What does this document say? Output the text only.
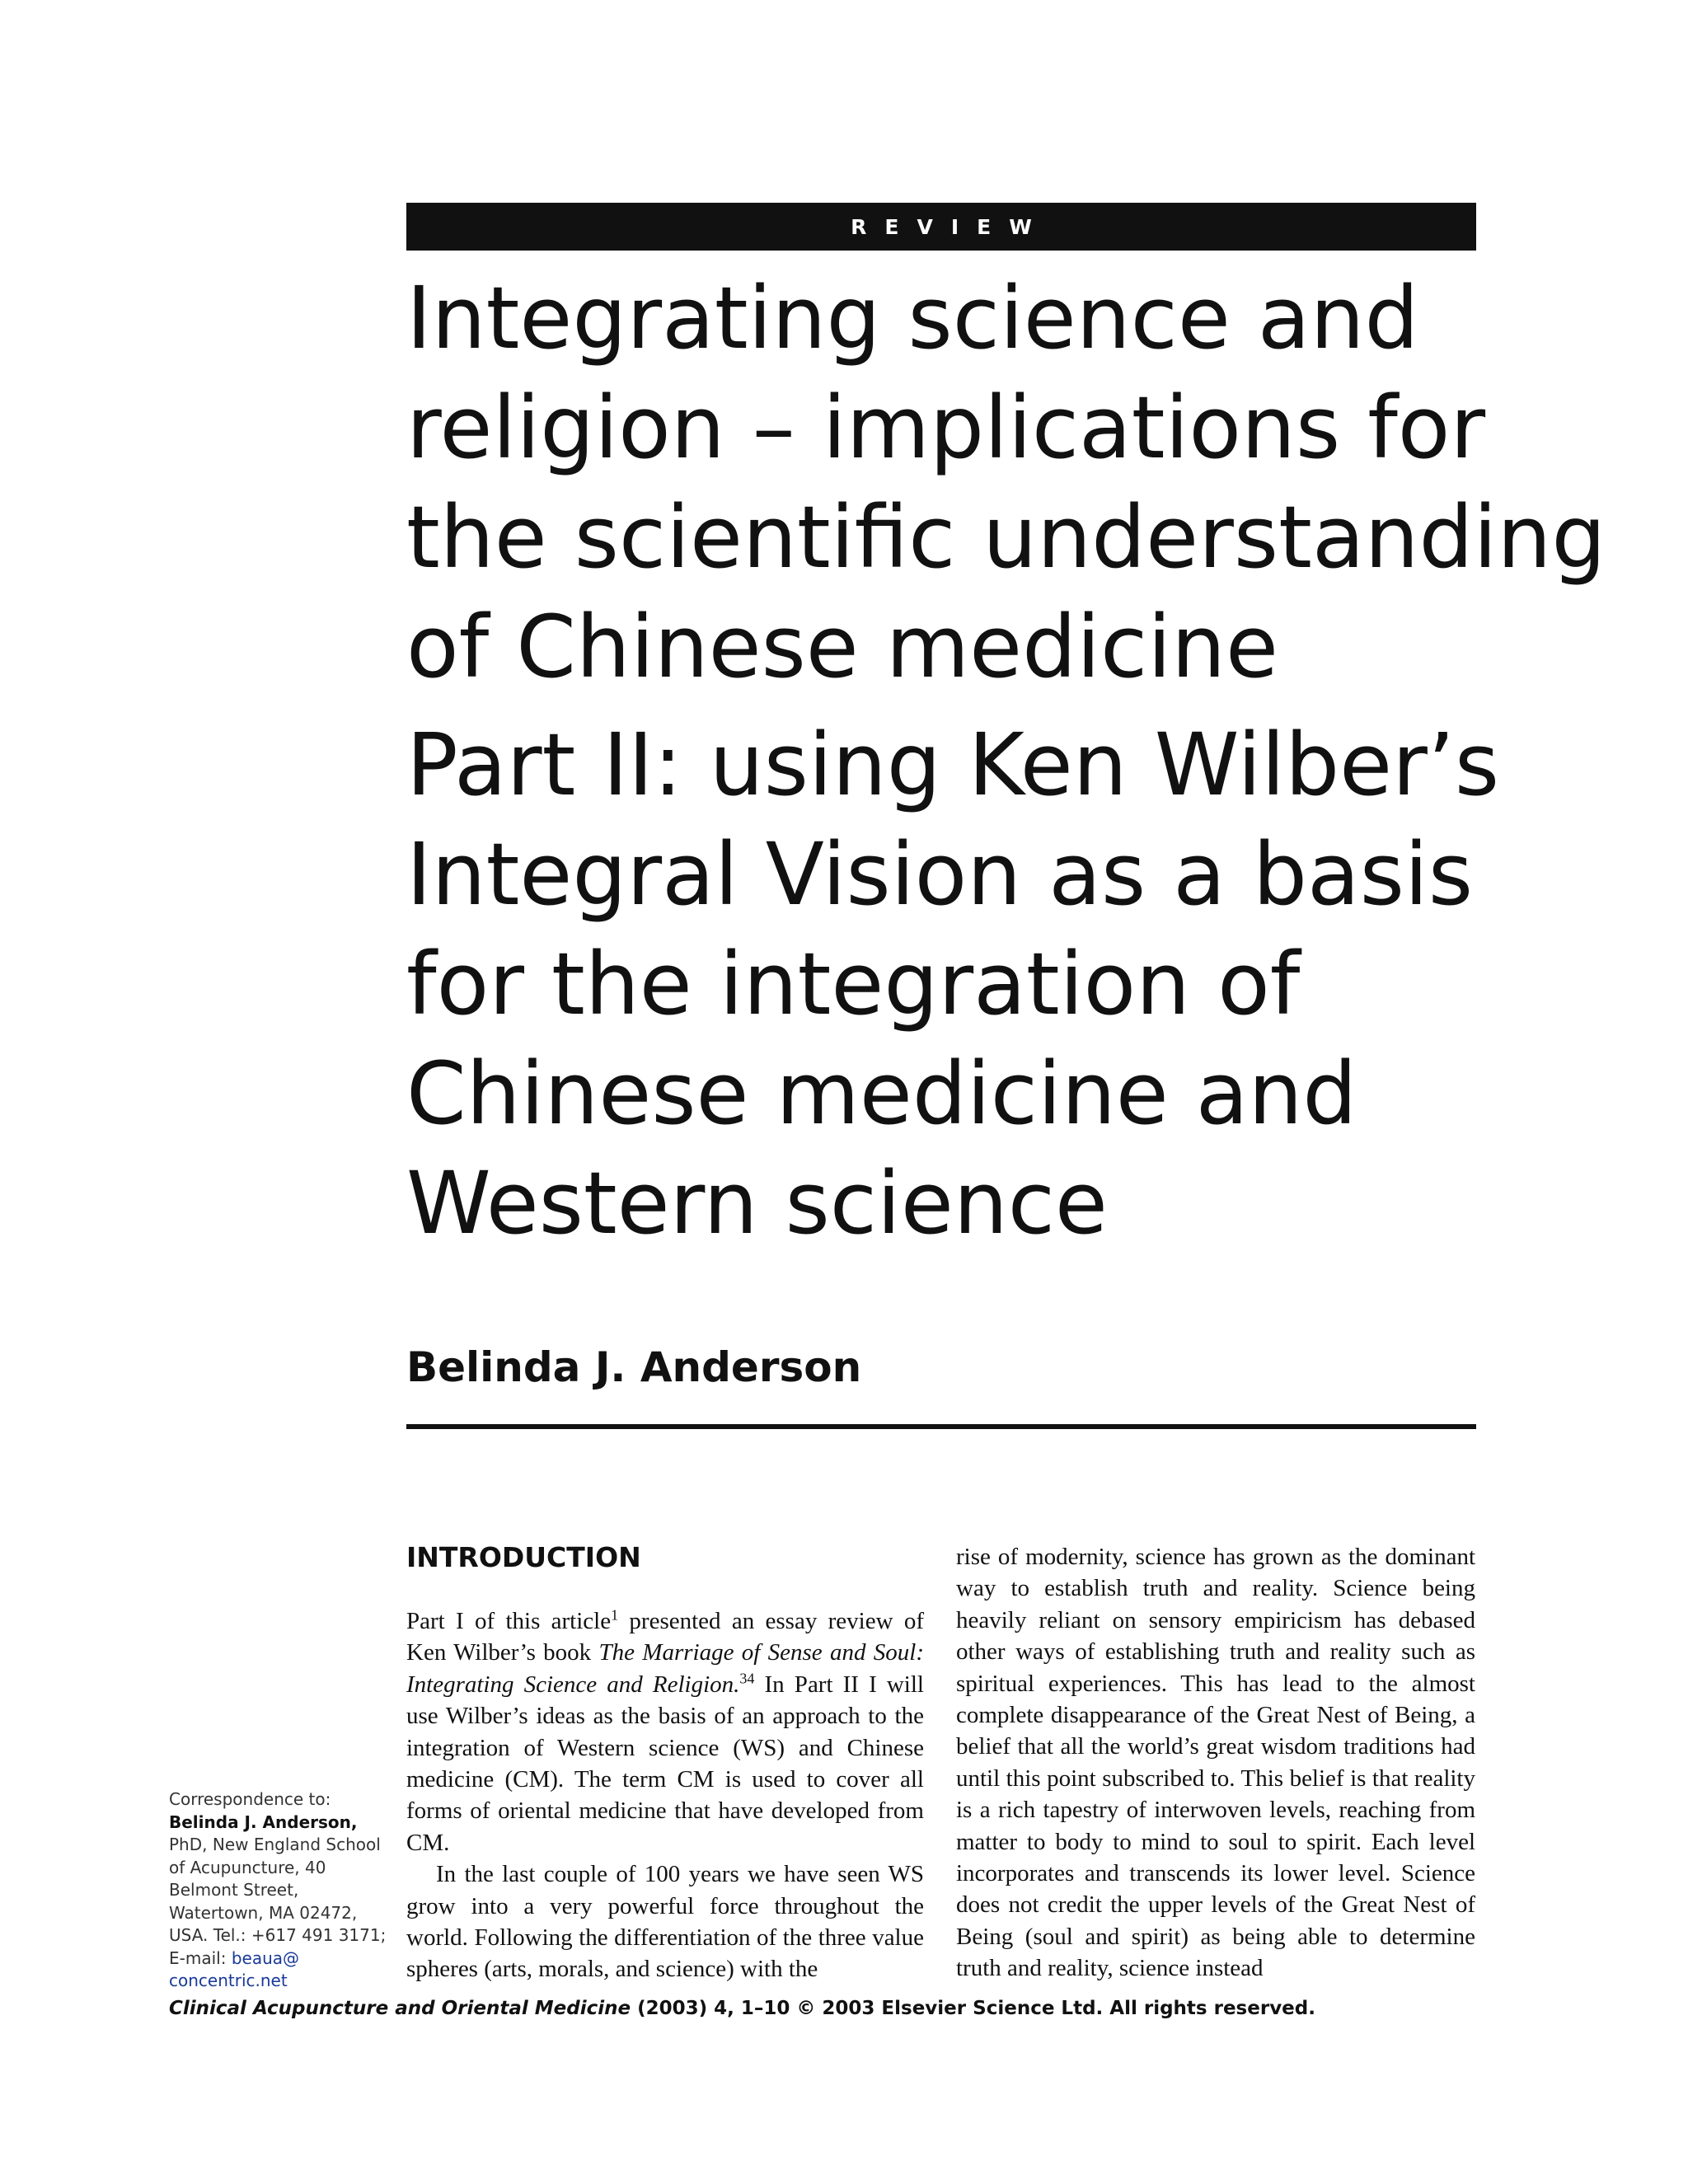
REVIEW
Integrating science and
religion – implications for
the scientific understanding
of Chinese medicine
Part II: using Ken Wilber’s
Integral Vision as a basis
for the integration of
Chinese medicine and
Western science
Belinda J. Anderson
INTRODUCTION

Part I of this article$^1$ presented an essay review of Ken Wilber’s book The Marriage of Sense and Soul: Integrating Science and Religion.$^{34}$ In Part II I will use Wilber’s ideas as the basis of an approach to the integration of Western science (WS) and Chinese medicine (CM). The term CM is used to cover all forms of oriental medicine that have developed from CM.

In the last couple of 100 years we have seen WS grow into a very powerful force throughout the world. Following the differentiation of the three value spheres (arts, morals, and science) with the

rise of modernity, science has grown as the dominant way to establish truth and reality. Science being heavily reliant on sensory empiricism has debased other ways of establishing truth and reality such as spiritual experiences. This has lead to the almost complete disappearance of the Great Nest of Being, a belief that all the world’s great wisdom traditions had until this point subscribed to. This belief is that reality is a rich tapestry of interwoven levels, reaching from matter to body to mind to soul to spirit. Each level incorporates and transcends its lower level. Science does not credit the upper levels of the Great Nest of Being (soul and spirit) as being able to determine truth and reality, science instead

Correspondence to:
Belinda J. Anderson,
PhD, New England School of Acupuncture, 40 Belmont Street, Watertown, MA 02472, USA. Tel.: +617 491 3171; E-mail: beaua@ concentric.net
Clinical Acupuncture and Oriental Medicine (2003) 4, 1–10 © 2003 Elsevier Science Ltd. All rights reserved.
